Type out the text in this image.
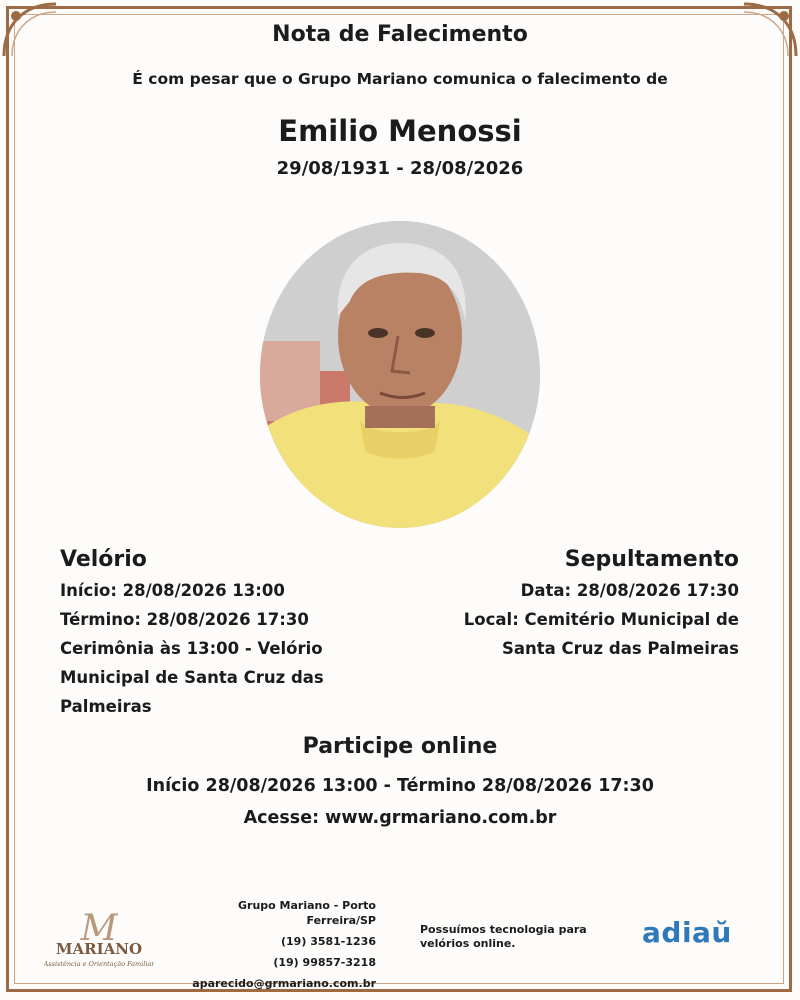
Nota de Falecimento
É com pesar que o Grupo Mariano comunica o falecimento de
Emilio Menossi
29/08/1931 - 28/08/2026
Velório
Início: 28/08/2026 13:00
Término: 28/08/2026 17:30
Cerimônia às 13:00 - Velório
Municipal de Santa Cruz das
Palmeiras
Sepultamento
Data: 28/08/2026 17:30
Local: Cemitério Municipal de
Santa Cruz das Palmeiras
Participe online
Início 28/08/2026 13:00 - Término 28/08/2026 17:30
Acesse: www.grmariano.com.br
M
MARIANO
Assistência e Orientação Familiar
Grupo Mariano - Porto Ferreira/SP
(19) 3581-1236
(19) 99857-3218
aparecido@grmariano.com.br
Possuímos tecnologia para velórios online.	adiaŭ
